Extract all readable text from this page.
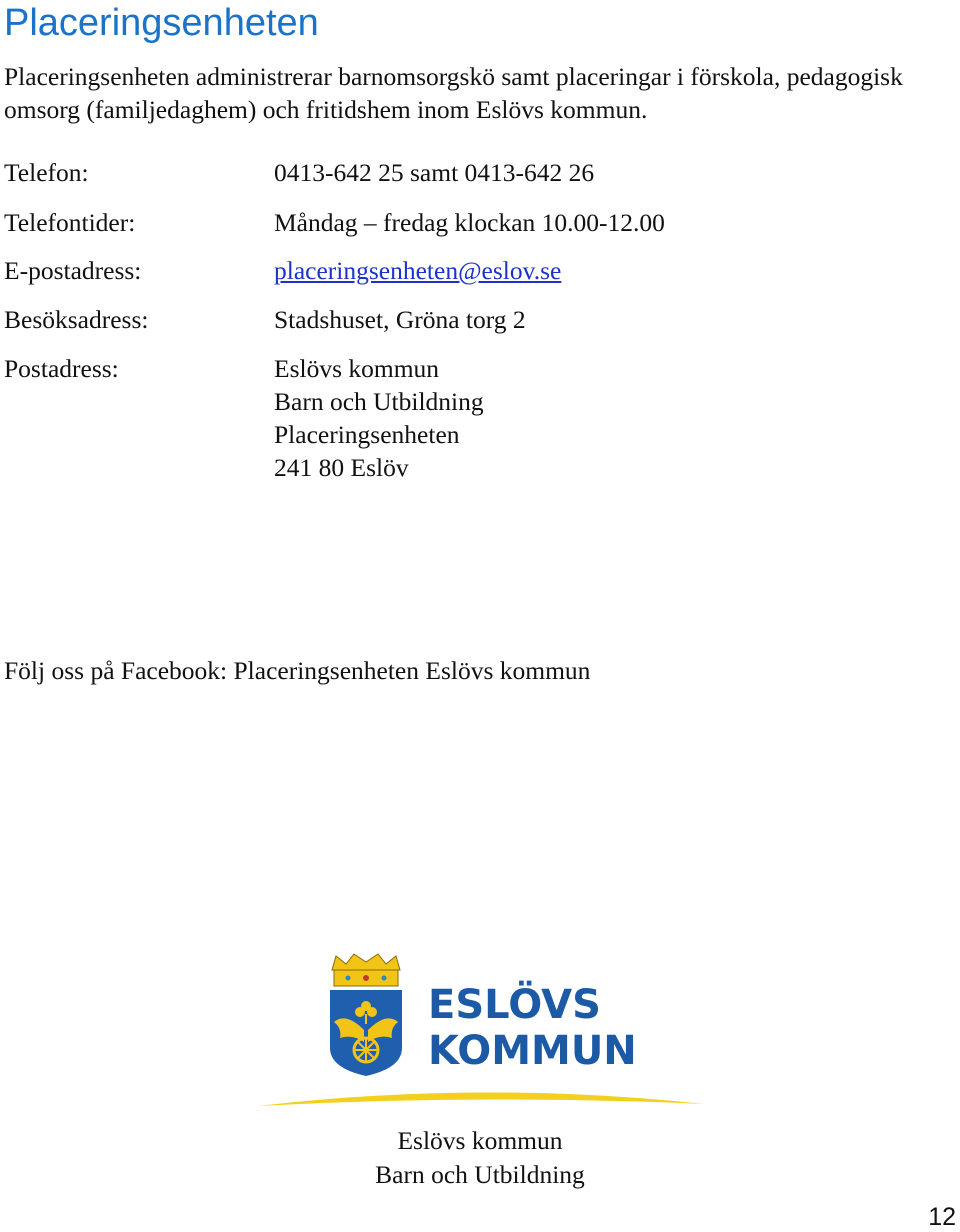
Placeringsenheten

Placeringsenheten administrerar barnomsorgskö samt placeringar i förskola, pedagogisk omsorg (familjedaghem) och fritidshem inom Eslövs kommun.

Telefon:	0413-642 25 samt 0413-642 26
Telefontider:	Måndag – fredag klockan 10.00-12.00
E-postadress:	placeringsenheten@eslov.se
Besöksadress:	Stadshuset, Gröna torg 2
Postadress:	Eslövs kommun
Barn och Utbildning
Placeringsenheten
241 80 Eslöv
Följ oss på Facebook: Placeringsenheten Eslövs kommun
ESLÖVS
KOMMUN
Eslövs kommun
Barn och Utbildning
12
